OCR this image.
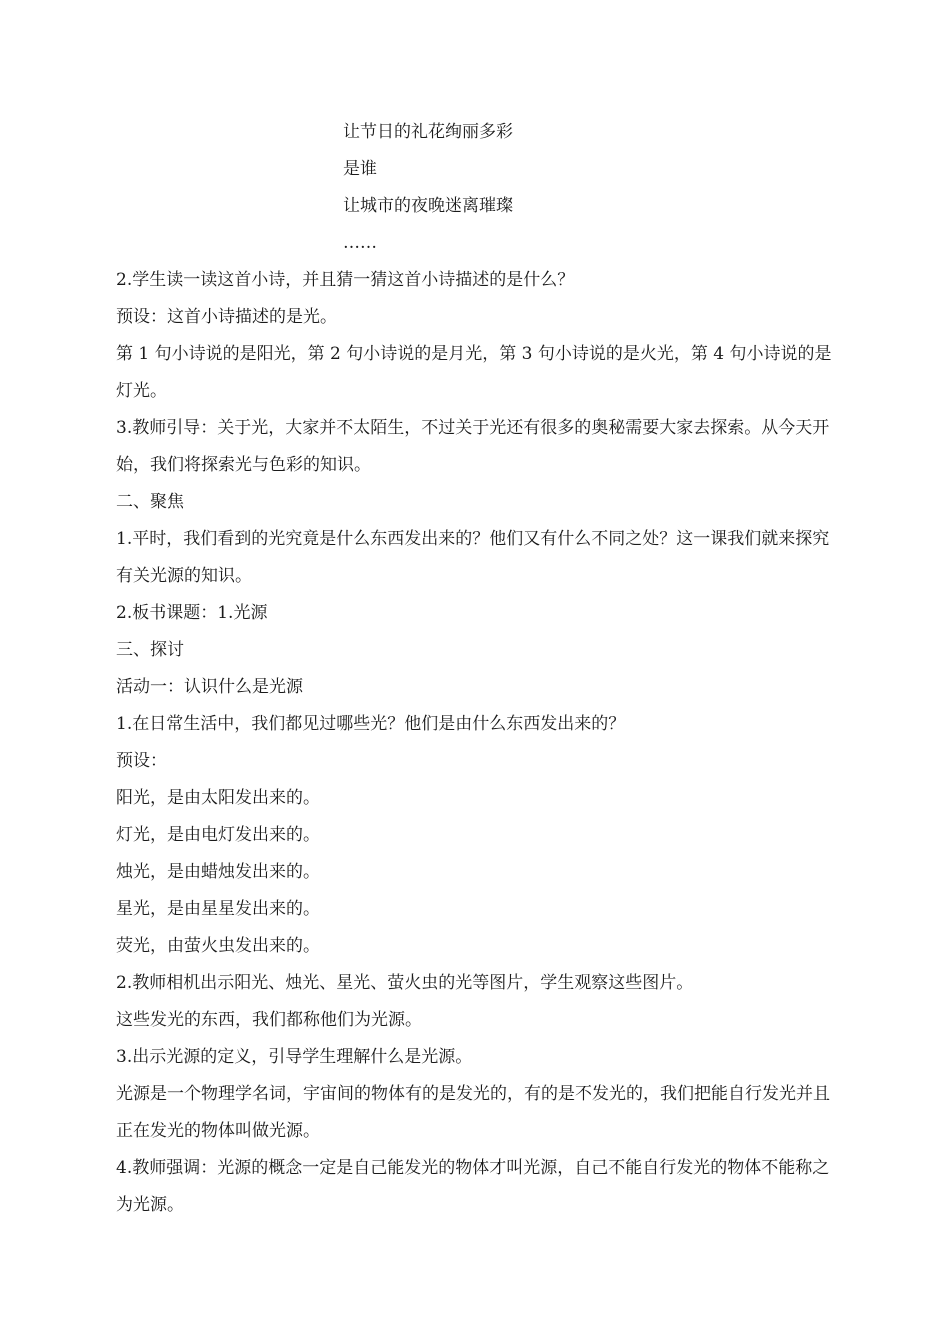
让节日的礼花绚丽多彩
是谁
让城市的夜晚迷离璀璨
……

2.学生读一读这首小诗，并且猜一猜这首小诗描述的是什么？

预设：这首小诗描述的是光。

第 1 句小诗说的是阳光，第 2 句小诗说的是月光，第 3 句小诗说的是火光，第 4 句小诗说的是灯光。

3.教师引导：关于光，大家并不太陌生，不过关于光还有很多的奥秘需要大家去探索。从今天开始，我们将探索光与色彩的知识。

二、聚焦

1.平时，我们看到的光究竟是什么东西发出来的？他们又有什么不同之处？这一课我们就来探究有关光源的知识。

2.板书课题：1.光源

三、探讨

活动一：认识什么是光源

1.在日常生活中，我们都见过哪些光？他们是由什么东西发出来的？

预设：

阳光，是由太阳发出来的。

灯光，是由电灯发出来的。

烛光，是由蜡烛发出来的。

星光，是由星星发出来的。

荧光，由萤火虫发出来的。

2.教师相机出示阳光、烛光、星光、萤火虫的光等图片，学生观察这些图片。

这些发光的东西，我们都称他们为光源。

3.出示光源的定义，引导学生理解什么是光源。

光源是一个物理学名词，宇宙间的物体有的是发光的，有的是不发光的，我们把能自行发光并且正在发光的物体叫做光源。

4.教师强调：光源的概念一定是自己能发光的物体才叫光源，自己不能自行发光的物体不能称之为光源。
